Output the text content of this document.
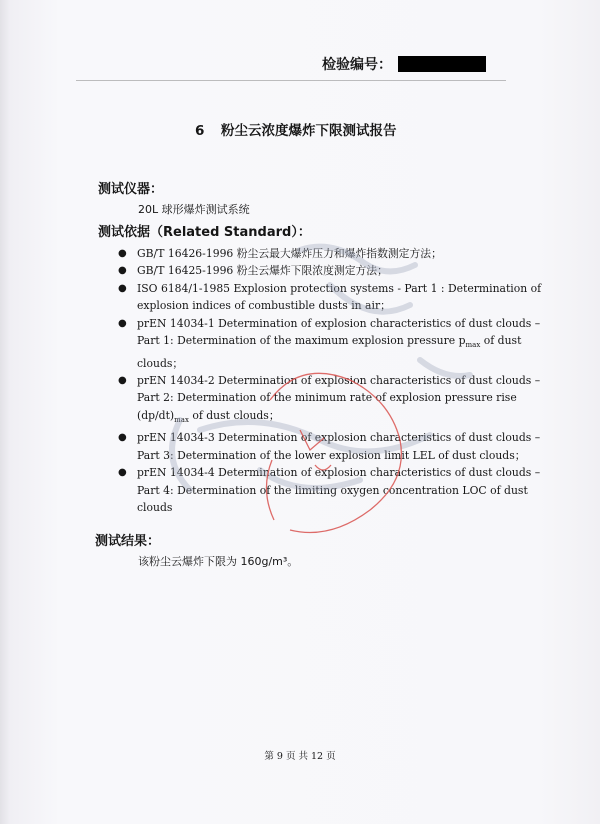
检验编号：
6 粉尘云浓度爆炸下限测试报告
测试仪器：
20L 球形爆炸测试系统
测试依据（Related Standard）：
● GB/T 16426-1996 粉尘云最大爆炸压力和爆炸指数测定方法；
● GB/T 16425-1996 粉尘云爆炸下限浓度测定方法；
● ISO 6184/1-1985 Explosion protection systems - Part 1 : Determination of
explosion indices of combustible dusts in air；
● prEN 14034-1 Determination of explosion characteristics of dust clouds –
Part 1: Determination of the maximum explosion pressure $p_{max}$ of dust
clouds；
● prEN 14034-2 Determination of explosion characteristics of dust clouds –
Part 2: Determination of the minimum rate of explosion pressure rise
$(dp/dt)_{max}$ of dust clouds；
● prEN 14034-3 Determination of explosion characteristics of dust clouds –
Part 3: Determination of the lower explosion limit LEL of dust clouds；
● prEN 14034-4 Determination of explosion characteristics of dust clouds –
Part 4: Determination of the limiting oxygen concentration LOC of dust
clouds
测试结果：
该粉尘云爆炸下限为 160g/m³。
第 9 页 共 12 页
